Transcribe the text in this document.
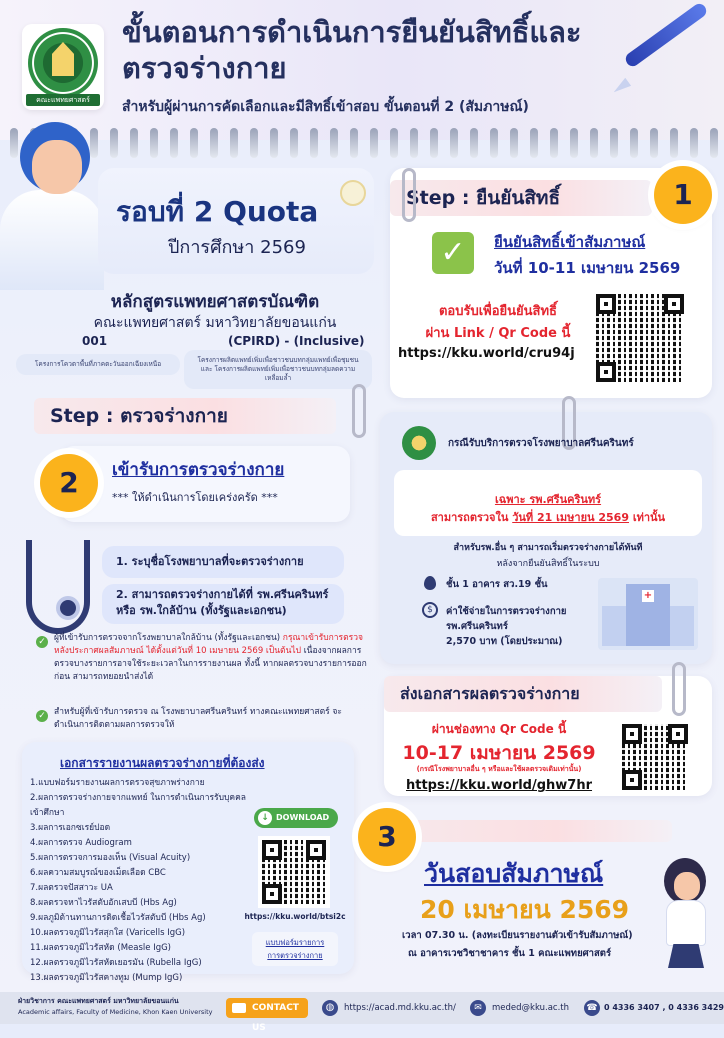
คณะแพทยศาสตร์
ขั้นตอนการดำเนินการยืนยันสิทธิ์และตรวจร่างกาย
สำหรับผู้ผ่านการคัดเลือกและมีสิทธิ์เข้าสอบ ขั้นตอนที่ 2 (สัมภาษณ์)
รอบที่ 2 Quota
ปีการศึกษา 2569
หลักสูตรแพทยศาสตรบัณฑิต
คณะแพทยศาสตร์ มหาวิทยาลัยขอนแก่น
001	(CPIRD) - (Inclusive)
โครงการโควตาพื้นที่ภาคตะวันออกเฉียงเหนือ	โครงการผลิตแพทย์เพิ่มเพื่อชาวชนบทกลุ่มแพทย์เพื่อชุมชน และ โครงการผลิตแพทย์เพิ่มเพื่อชาวชนบทกลุ่มลดความเหลื่อมล้ำ
Step : ยืนยันสิทธิ์	1
✓	ยืนยันสิทธิ์เข้าสัมภาษณ์
วันที่ 10-11 เมษายน 2569
ตอบรับเพื่อยืนยันสิทธิ์
ผ่าน Link / Qr Code นี้
https://kku.world/cru94j
Step : ตรวจร่างกาย
2	เข้ารับการตรวจร่างกาย
*** ให้ดำเนินการโดยเคร่งครัด ***
1. ระบุชื่อโรงพยาบาลที่จะตรวจร่างกาย
2. สามารถตรวจร่างกายได้ที่ รพ.ศรีนครินทร์
หรือ รพ.ใกล้บ้าน (ทั้งรัฐและเอกชน)
✓ ผู้ที่เข้ารับการตรวจจากโรงพยาบาลใกล้บ้าน (ทั้งรัฐและเอกชน) กรุณาเข้ารับการตรวจหลังประกาศผลสัมภาษณ์ ได้ตั้งแต่วันที่ 10 เมษายน 2569 เป็นต้นไป เนื่องจากผลการตรวจบางรายการอาจใช้ระยะเวลาในการรายงานผล ทั้งนี้ หากผลตรวจบางรายการออกก่อน สามารถทยอยนำส่งได้
✓ สำหรับผู้ที่เข้ารับการตรวจ ณ โรงพยาบาลศรีนครินทร์ ทางคณะแพทยศาสตร์ จะดำเนินการติดตามผลการตรวจให้
เอกสารรายงานผลตรวจร่างกายที่ต้องส่ง
1.แบบฟอร์มรายงานผลการตรวจสุขภาพร่างกาย
2.ผลการตรวจร่างกายจากแพทย์ ในการดำเนินการรับบุคคลเข้าศึกษา
3.ผลการเอกซเรย์ปอด
4.ผลการตรวจ Audiogram
5.ผลการตรวจการมองเห็น (Visual Acuity)
6.ผลความสมบูรณ์ของเม็ดเลือด CBC
7.ผลตรวจปัสสาวะ UA
8.ผลตรวจหาไวรัสตับอักเสบบี (Hbs Ag)
9.ผลภูมิต้านทานการติดเชื้อไวรัสตับบี (Hbs Ag)
10.ผลตรวจภูมิไวรัสสุกใส (Varicells IgG)
11.ผลตรวจภูมิไวรัสหัด (Measle IgG)
12.ผลตรวจภูมิไวรัสหัดเยอรมัน (Rubella IgG)
13.ผลตรวจภูมิไวรัสคางทูม (Mump IgG)
↓ DOWNLOAD
https://kku.world/btsi2c
แบบฟอร์มรายการ
การตรวจร่างกาย
กรณีรับบริการตรวจโรงพยาบาลศรีนครินทร์
เฉพาะ รพ.ศรีนครินทร์
สามารถตรวจใน วันที่ 21 เมษายน 2569 เท่านั้น
สำหรับรพ.อื่น ๆ สามารถเริ่มตรวจร่างกายได้ทันที
หลังจากยืนยันสิทธิ์ในระบบ
ชั้น 1 อาคาร สว.19 ชั้น
$	ค่าใช้จ่ายในการตรวจร่างกาย
รพ.ศรีนครินทร์
2,570 บาท (โดยประมาณ)
+
ส่งเอกสารผลตรวจร่างกาย
ผ่านช่องทาง Qr Code นี้
10-17 เมษายน 2569
(กรณีโรงพยาบาลอื่น ๆ หรือและใช้ผลตรวจเดิมเท่านั้น)
https://kku.world/ghw7hr
3
วันสอบสัมภาษณ์
20 เมษายน 2569
เวลา 07.30 น. (ลงทะเบียนรายงานตัวเข้ารับสัมภาษณ์)
ณ อาคารเวชวิชาชาคาร ชั้น 1 คณะแพทยศาสตร์
ฝ่ายวิชาการ คณะแพทยศาสตร์ มหาวิทยาลัยขอนแก่น
Academic affairs, Faculty of Medicine, Khon Kaen University	CONTACT US
◍	https://acad.md.kku.ac.th/	✉	meded@kku.ac.th ☎ 0 4336 3407 , 0 4336 3429
